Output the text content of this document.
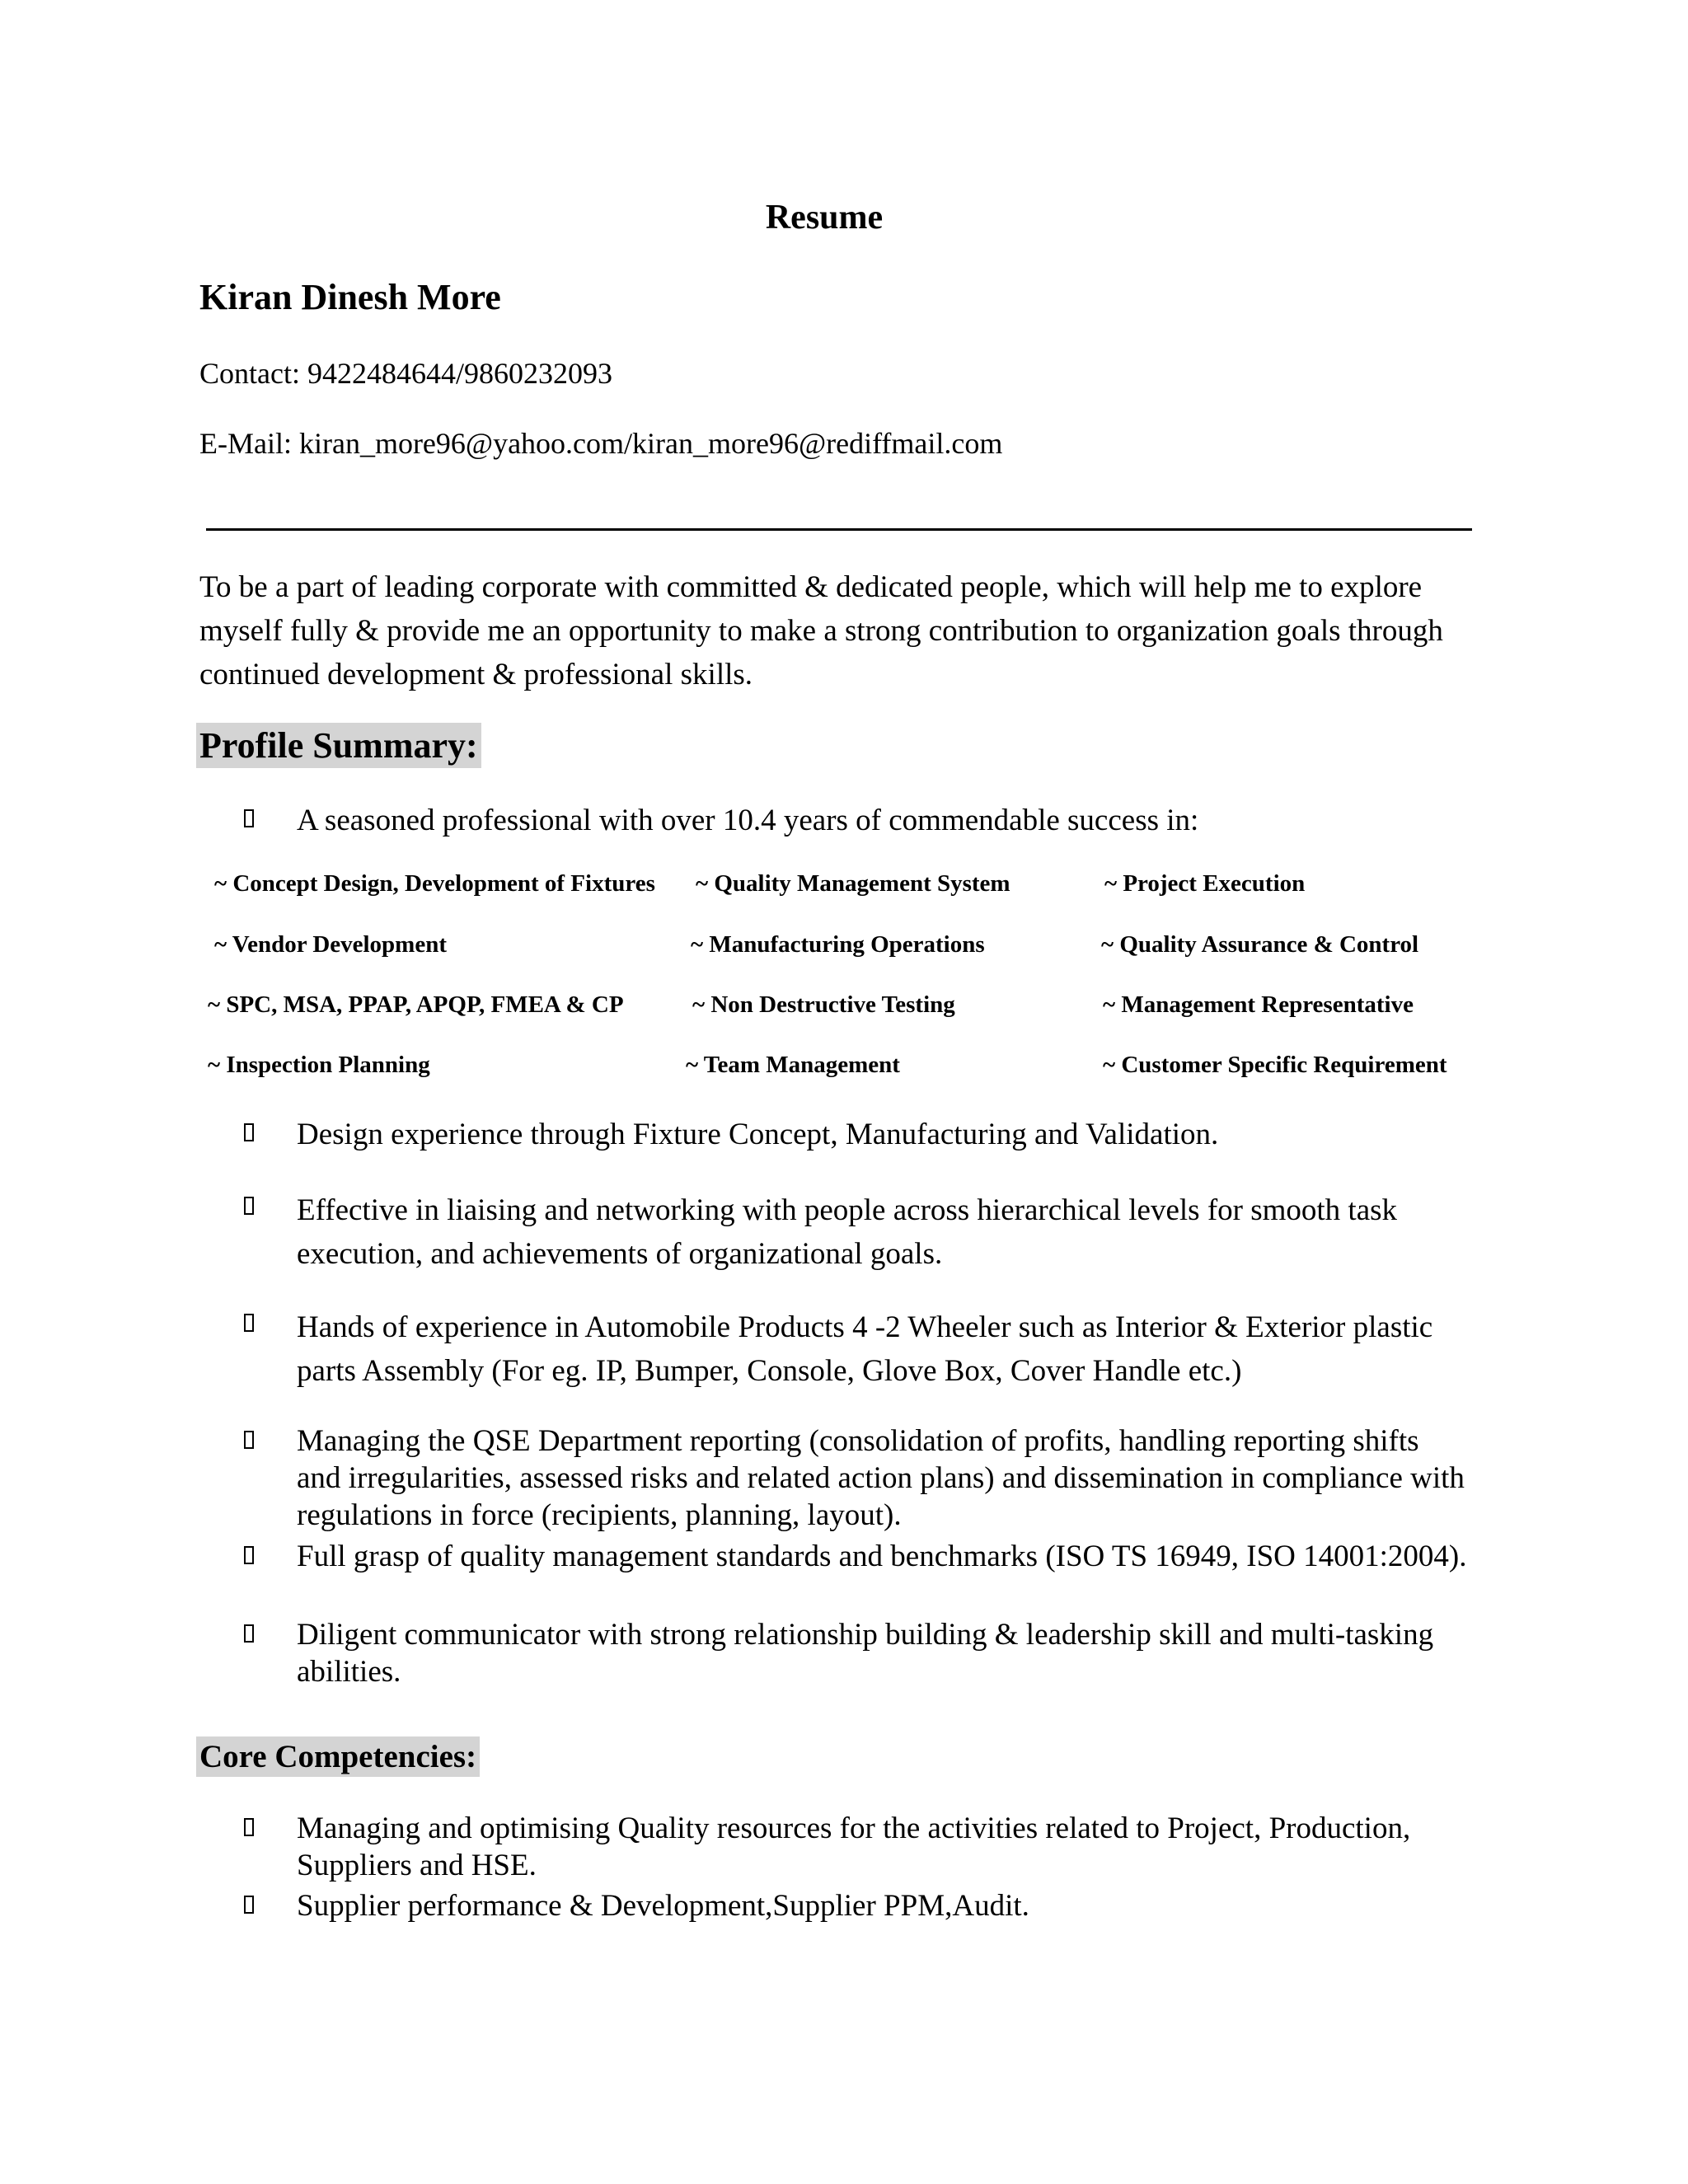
Resume
Kiran Dinesh More
Contact: 9422484644/9860232093
E-Mail: kiran_more96@yahoo.com/kiran_more96@rediffmail.com
To be a part of leading corporate with committed & dedicated people, which will help me to explore myself fully & provide me an opportunity to make a strong contribution to organization goals through continued development & professional skills.
Profile Summary:
A seasoned professional with over 10.4 years of commendable success in:
~ Concept Design, Development of Fixtures ~ Quality Management System	~ Project Execution
~ Vendor Development	~ Manufacturing Operations	~ Quality Assurance & Control
~ SPC, MSA, PPAP, APQP, FMEA & CP	~ Non Destructive Testing	~ Management Representative
~ Inspection Planning	~ Team Management	~ Customer Specific Requirement
Design experience through Fixture Concept, Manufacturing and Validation.
Effective in liaising and networking with people across hierarchical levels for smooth task execution, and achievements of organizational goals.
Hands of experience in Automobile Products 4 -2 Wheeler such as Interior & Exterior plastic parts Assembly (For eg. IP, Bumper, Console, Glove Box, Cover Handle etc.)
Managing the QSE Department reporting (consolidation of profits, handling reporting shifts and irregularities, assessed risks and related action plans) and dissemination in compliance with regulations in force (recipients, planning, layout).
Full grasp of quality management standards and benchmarks (ISO TS 16949, ISO 14001:2004).
Diligent communicator with strong relationship building & leadership skill and multi-tasking abilities.
Core Competencies:
Managing and optimising Quality resources for the activities related to Project, Production, Suppliers and HSE.
Supplier performance & Development,Supplier PPM,Audit.
